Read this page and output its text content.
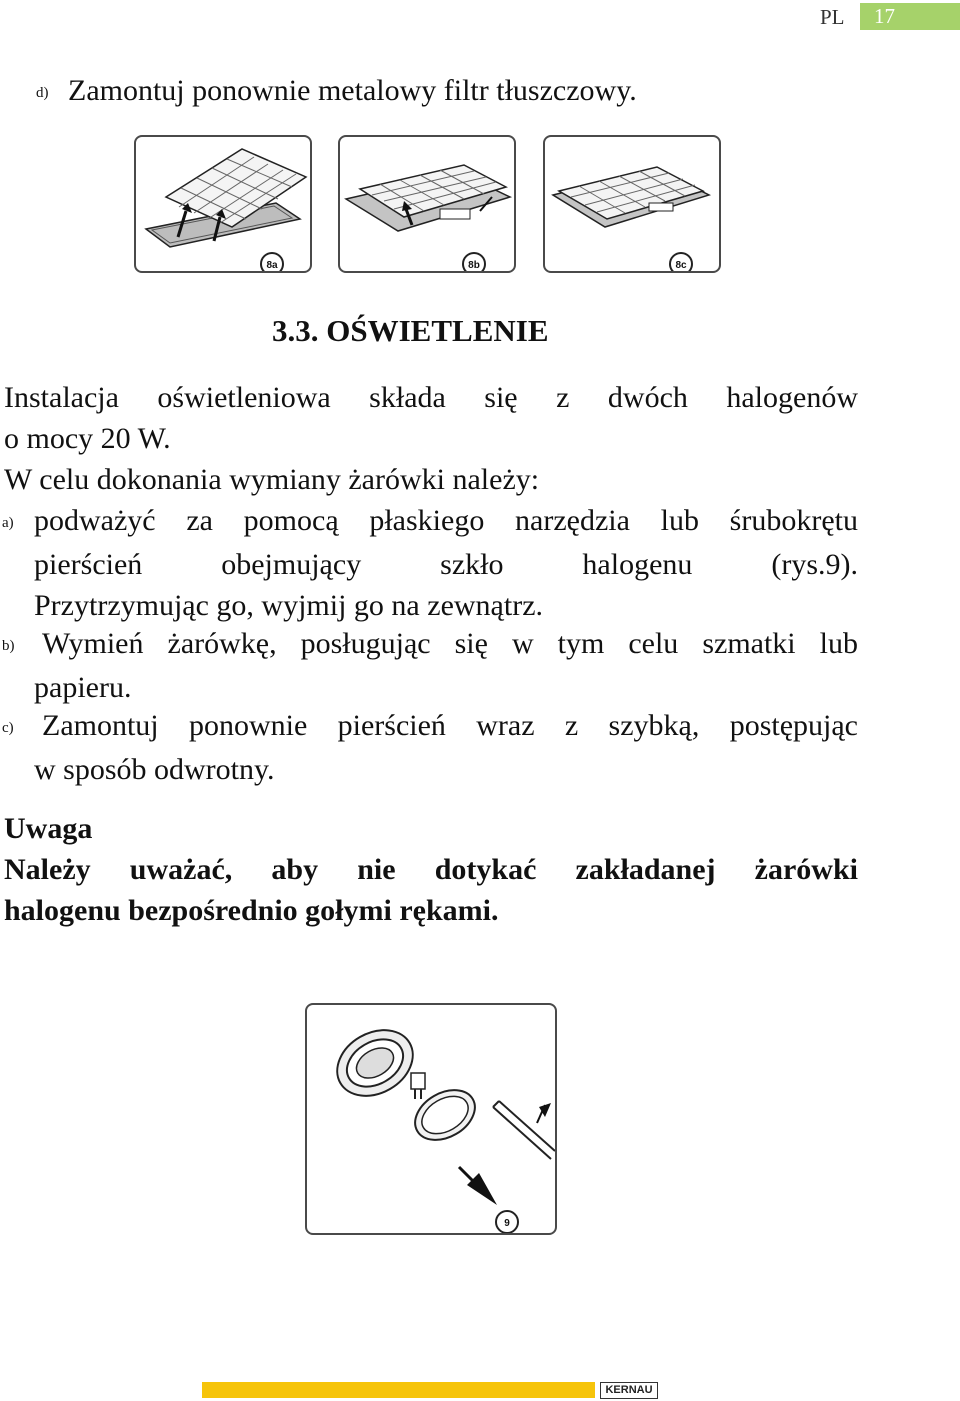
PL	17
d) Zamontuj ponownie metalowy filtr tłuszczowy.
8a	8b	8c
3.3. OŚWIETLENIE
Instalacja oświetleniowa składa się z dwóch halogenów
o mocy 20 W.
W celu dokonania wymiany żarówki należy:
a) podważyć za pomocą płaskiego narzędzia lub śrubokrętu
pierścień obejmujący szkło halogenu (rys.9).
Przytrzymując go, wyjmij go na zewnątrz.
b) Wymień żarówkę, posługując się w tym celu szmatki lub
papieru.
c) Zamontuj ponownie pierścień wraz z szybką, postępując
w sposób odwrotny.
Uwaga
Należy uważać, aby nie dotykać zakładanej żarówki
halogenu bezpośrednio gołymi rękami.
9
KERNAU
